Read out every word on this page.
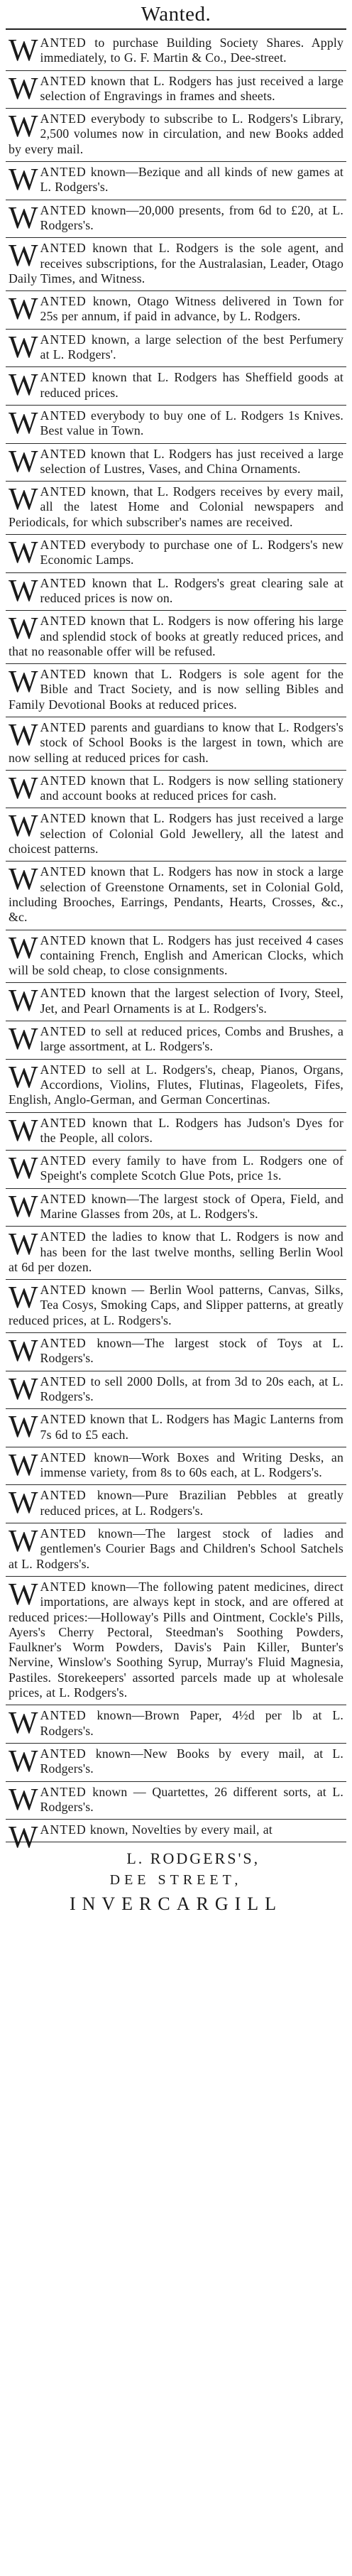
Wanted.

WANTED to purchase Building Society Shares. Apply immediately, to G. F. Martin & Co., Dee-street.

WANTED known that L. Rodgers has just received a large selection of Engravings in frames and sheets.

WANTED everybody to subscribe to L. Rodgers's Library, 2,500 volumes now in circulation, and new Books added by every mail.

WANTED known—Bezique and all kinds of new games at L. Rodgers's.

WANTED known—20,000 presents, from 6d to £20, at L. Rodgers's.

WANTED known that L. Rodgers is the sole agent, and receives subscriptions, for the Australasian, Leader, Otago Daily Times, and Witness.

WANTED known, Otago Witness delivered in Town for 25s per annum, if paid in advance, by L. Rodgers.

WANTED known, a large selection of the best Perfumery at L. Rodgers'.

WANTED known that L. Rodgers has Sheffield goods at reduced prices.

WANTED everybody to buy one of L. Rodgers 1s Knives. Best value in Town.

WANTED known that L. Rodgers has just received a large selection of Lustres, Vases, and China Ornaments.

WANTED known, that L. Rodgers receives by every mail, all the latest Home and Colonial newspapers and Periodicals, for which subscriber's names are received.

WANTED everybody to purchase one of L. Rodgers's new Economic Lamps.

WANTED known that L. Rodgers's great clearing sale at reduced prices is now on.

WANTED known that L. Rodgers is now offering his large and splendid stock of books at greatly reduced prices, and that no reasonable offer will be refused.

WANTED known that L. Rodgers is sole agent for the Bible and Tract Society, and is now selling Bibles and Family Devotional Books at reduced prices.

WANTED parents and guardians to know that L. Rodgers's stock of School Books is the largest in town, which are now selling at reduced prices for cash.

WANTED known that L. Rodgers is now selling stationery and account books at reduced prices for cash.

WANTED known that L. Rodgers has just received a large selection of Colonial Gold Jewellery, all the latest and choicest patterns.

WANTED known that L. Rodgers has now in stock a large selection of Greenstone Ornaments, set in Colonial Gold, including Brooches, Earrings, Pendants, Hearts, Crosses, &c., &c.

WANTED known that L. Rodgers has just received 4 cases containing French, English and American Clocks, which will be sold cheap, to close consignments.

WANTED known that the largest selection of Ivory, Steel, Jet, and Pearl Ornaments is at L. Rodgers's.

WANTED to sell at reduced prices, Combs and Brushes, a large assortment, at L. Rodgers's.

WANTED to sell at L. Rodgers's, cheap, Pianos, Organs, Accordions, Violins, Flutes, Flutinas, Flageolets, Fifes, English, Anglo-German, and German Concertinas.

WANTED known that L. Rodgers has Judson's Dyes for the People, all colors.

WANTED every family to have from L. Rodgers one of Speight's complete Scotch Glue Pots, price 1s.

WANTED known—The largest stock of Opera, Field, and Marine Glasses from 20s, at L. Rodgers's.

WANTED the ladies to know that L. Rodgers is now and has been for the last twelve months, selling Berlin Wool at 6d per dozen.

WANTED known — Berlin Wool patterns, Canvas, Silks, Tea Cosys, Smoking Caps, and Slipper patterns, at greatly reduced prices, at L. Rodgers's.

WANTED known—The largest stock of Toys at L. Rodgers's.

WANTED to sell 2000 Dolls, at from 3d to 20s each, at L. Rodgers's.

WANTED known that L. Rodgers has Magic Lanterns from 7s 6d to £5 each.

WANTED known—Work Boxes and Writing Desks, an immense variety, from 8s to 60s each, at L. Rodgers's.

WANTED known—Pure Brazilian Pebbles at greatly reduced prices, at L. Rodgers's.

WANTED known—The largest stock of ladies and gentlemen's Courier Bags and Children's School Satchels at L. Rodgers's.

WANTED known—The following patent medicines, direct importations, are always kept in stock, and are offered at reduced prices:—Holloway's Pills and Ointment, Cockle's Pills, Ayers's Cherry Pectoral, Steedman's Soothing Powders, Faulkner's Worm Powders, Davis's Pain Killer, Bunter's Nervine, Winslow's Soothing Syrup, Murray's Fluid Magnesia, Pastiles. Storekeepers' assorted parcels made up at wholesale prices, at L. Rodgers's.

WANTED known—Brown Paper, 4½d per lb at L. Rodgers's.

WANTED known—New Books by every mail, at L. Rodgers's.

WANTED known — Quartettes, 26 different sorts, at L. Rodgers's.

WANTED known, Novelties by every mail, at

L. RODGERS'S,
DEE STREET,
INVERCARGILL
